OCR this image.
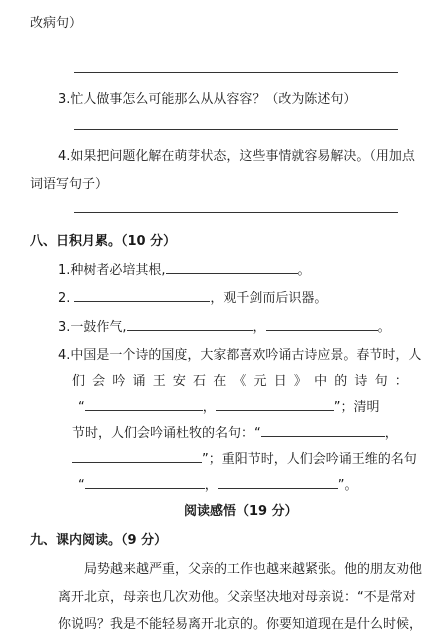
改病句）
3.忙人做事怎么可能那么从从容容？（改为陈述句）
4.如果把问题化解在萌芽状态，这些事情就容易解决。（用加点
词语写句子）
八、日积月累。（10 分）
1.种树者必培其根,	。
2.	，观千剑而后识器。
3.一鼓作气,	，	。
4.中国是一个诗的国度，大家都喜欢吟诵古诗应景。春节时，人
们 会 吟 诵 王 安 石 在 《 元 日 》 中 的 诗 句 ：
“	，	”；清明
节时，人们会吟诵杜牧的名句：“	，
”；重阳节时，人们会吟诵王维的名句
“	，	”。
阅读感悟（19 分）
九、课内阅读。（9 分）
局势越来越严重，父亲的工作也越来越紧张。他的朋友劝他
离开北京，母亲也几次劝他。父亲坚决地对母亲说：“不是常对
你说吗？我是不能轻易离开北京的。你要知道现在是什么时候，
